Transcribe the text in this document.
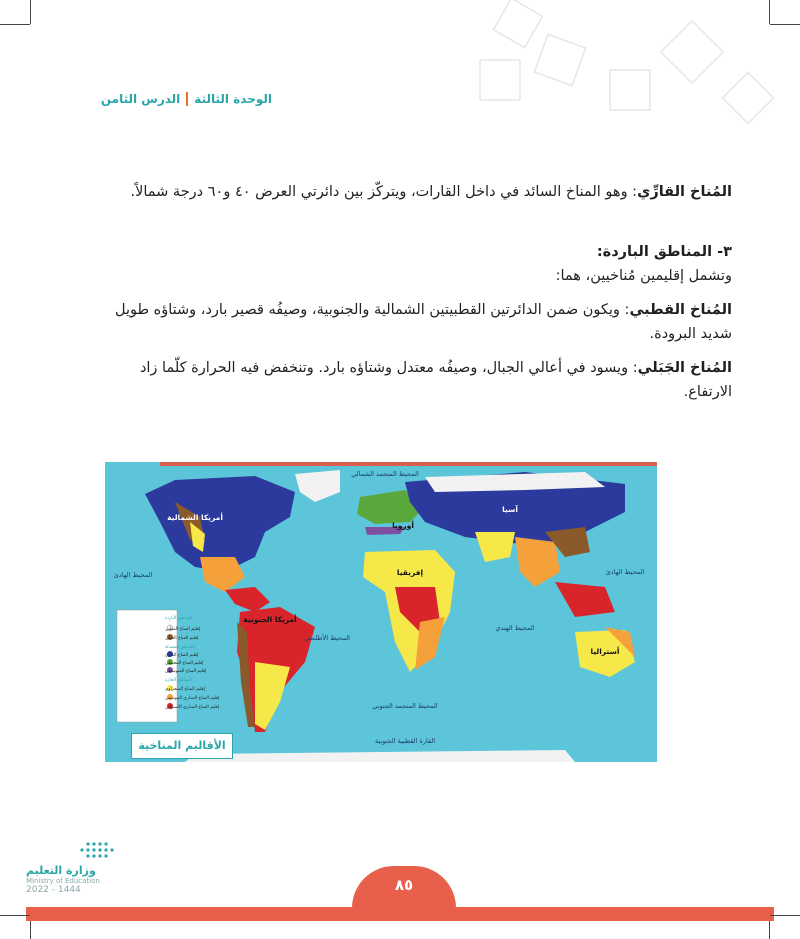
الوحدة الثالثة
الدرس الثامن
المُناخ القارِّي: وهو المناخ السائد في داخل القارات، ويتركّز بين دائرتي العرض ٤٠ و٦٠ درجة شمالاً.
٣- المناطق الباردة:
وتشمل إقليمين مُناخيين، هما:
المُناخ القطبي: ويكون ضمن الدائرتين القطبيتين الشمالية والجنوبية، وصيفُه قصير بارد، وشتاؤه طويل شديد البرودة.
المُناخ الجَبَلي: ويسود في أعالي الجبال، وصيفُه معتدل وشتاؤه بارد. وتنخفض فيه الحرارة كلّما زاد الارتفاع.
المناطق الباردة
إقليم المناخ القطبي
إقليم المناخ الجبلي
المناطق المعتدلة
إقليم المناخ القاري
إقليم المناخ المحيطي
إقليم المناخ المتوسطي
المناطق الحارة
إقليم المناخ الصحراوي
إقليم المناخ المداري الموسمي
إقليم المناخ المداري الاستوائي
المحيط المتجمد الشمالي
المحيط الهادئ	المحيط الهادئ
المحيط الأطلسي
المحيط الهندي
المحيط المتجمد الجنوبي
القارة القطبية الجنوبية
أمريكا الشمالية
أوروبا
آسيا
إفريقيا
أمريكا الجنوبية
أستراليا
الأقاليم المناخية
وزارة التعليم
Ministry of Education
2022 - 1444	٨٥
